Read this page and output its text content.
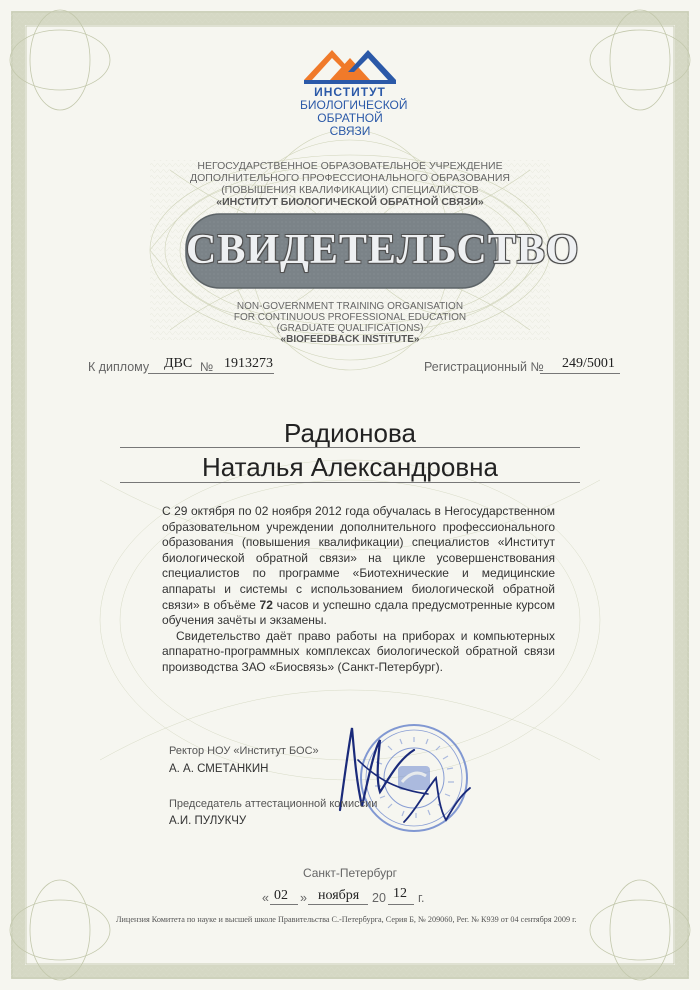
ИНСТИТУТ
БИОЛОГИЧЕСКОЙ
ОБРАТНОЙ СВЯЗИ
НЕГОСУДАРСТВЕННОЕ ОБРАЗОВАТЕЛЬНОЕ УЧРЕЖДЕНИЕ
ДОПОЛНИТЕЛЬНОГО ПРОФЕССИОНАЛЬНОГО ОБРАЗОВАНИЯ
(ПОВЫШЕНИЯ КВАЛИФИКАЦИИ) СПЕЦИАЛИСТОВ
«ИНСТИТУТ БИОЛОГИЧЕСКОЙ ОБРАТНОЙ СВЯЗИ»
СВИДЕТЕЛЬСТВО
NON-GOVERNMENT TRAINING ORGANISATION
FOR CONTINUOUS PROFESSIONAL EDUCATION
(GRADUATE QUALIFICATIONS)
«BIOFEEDBACK INSTITUTE»
К диплому ДВС № 1913273	Регистрационный № 249/5001
Радионова
Наталья Александровна

С 29 октября по 02 ноября 2012 года обучалась в Негосударственном образовательном учреждении дополнительного профессионального образования (повышения квалификации) специалистов «Институт биологической обратной связи» на цикле усовершенствования специалистов по программе «Биотехнические и медицинские аппараты и системы с использованием биологической обратной связи» в объёме 72 часов и успешно сдала предусмотренные курсом обучения зачёты и экзамены.

Свидетельство даёт право работы на приборах и компьютерных аппаратно-программных комплексах биологической обратной связи производства ЗАО «Биосвязь» (Санкт-Петербург).

Ректор НОУ «Институт БОС»
А. А. СМЕТАНКИН
Председатель аттестационной комиссии
А.И. ПУЛУКЧУ
Санкт-Петербург
« 02 » ноября 20 12 г.
Лицензия Комитета по науке и высшей школе Правительства С.-Петербурга, Серия Б, № 209060, Рег. № К939 от 04 сентября 2009 г.
